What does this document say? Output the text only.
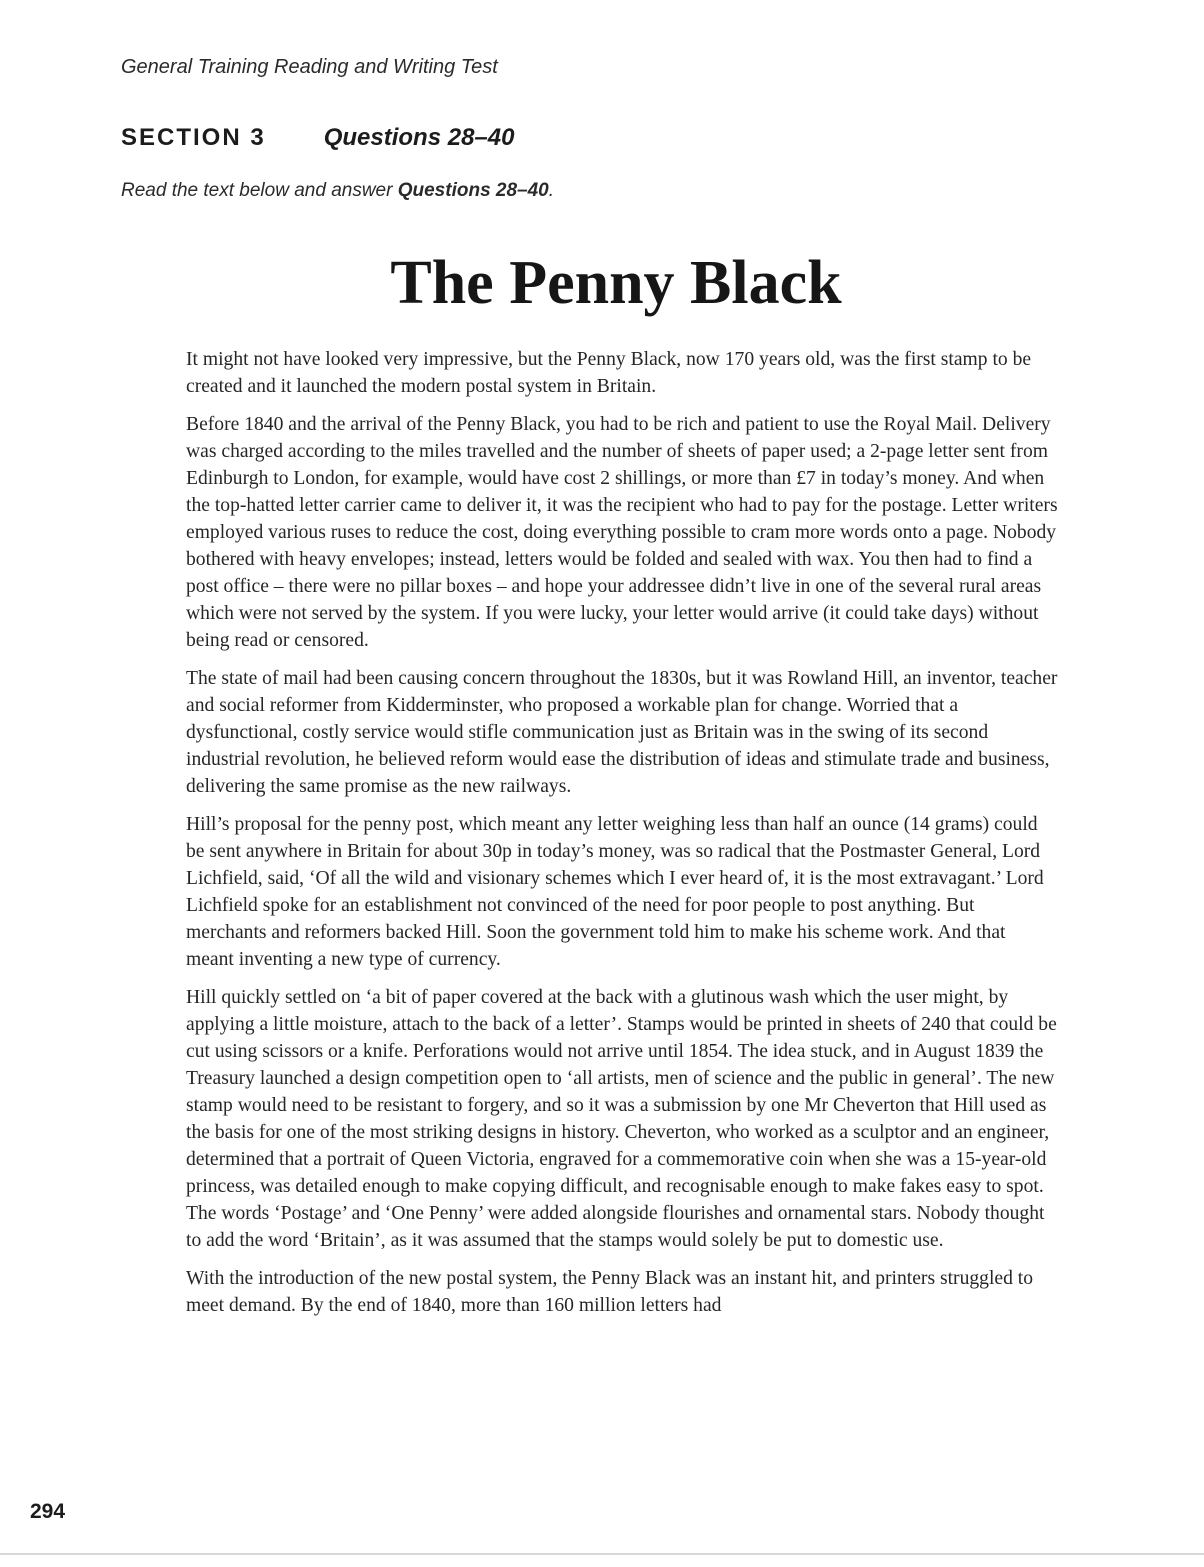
General Training Reading and Writing Test
SECTION 3 Questions 28–40
Read the text below and answer Questions 28–40.
The Penny Black

It might not have looked very impressive, but the Penny Black, now 170 years old, was the first stamp to be created and it launched the modern postal system in Britain.

Before 1840 and the arrival of the Penny Black, you had to be rich and patient to use the Royal Mail. Delivery was charged according to the miles travelled and the number of sheets of paper used; a 2-page letter sent from Edinburgh to London, for example, would have cost 2 shillings, or more than £7 in today’s money. And when the top-hatted letter carrier came to deliver it, it was the recipient who had to pay for the postage. Letter writers employed various ruses to reduce the cost, doing everything possible to cram more words onto a page. Nobody bothered with heavy envelopes; instead, letters would be folded and sealed with wax. You then had to find a post office – there were no pillar boxes – and hope your addressee didn’t live in one of the several rural areas which were not served by the system. If you were lucky, your letter would arrive (it could take days) without being read or censored.

The state of mail had been causing concern throughout the 1830s, but it was Rowland Hill, an inventor, teacher and social reformer from Kidderminster, who proposed a workable plan for change. Worried that a dysfunctional, costly service would stifle communication just as Britain was in the swing of its second industrial revolution, he believed reform would ease the distribution of ideas and stimulate trade and business, delivering the same promise as the new railways.

Hill’s proposal for the penny post, which meant any letter weighing less than half an ounce (14 grams) could be sent anywhere in Britain for about 30p in today’s money, was so radical that the Postmaster General, Lord Lichfield, said, ‘Of all the wild and visionary schemes which I ever heard of, it is the most extravagant.’ Lord Lichfield spoke for an establishment not convinced of the need for poor people to post anything. But merchants and reformers backed Hill. Soon the government told him to make his scheme work. And that meant inventing a new type of currency.

Hill quickly settled on ‘a bit of paper covered at the back with a glutinous wash which the user might, by applying a little moisture, attach to the back of a letter’. Stamps would be printed in sheets of 240 that could be cut using scissors or a knife. Perforations would not arrive until 1854. The idea stuck, and in August 1839 the Treasury launched a design competition open to ‘all artists, men of science and the public in general’. The new stamp would need to be resistant to forgery, and so it was a submission by one Mr Cheverton that Hill used as the basis for one of the most striking designs in history. Cheverton, who worked as a sculptor and an engineer, determined that a portrait of Queen Victoria, engraved for a commemorative coin when she was a 15-year-old princess, was detailed enough to make copying difficult, and recognisable enough to make fakes easy to spot. The words ‘Postage’ and ‘One Penny’ were added alongside flourishes and ornamental stars. Nobody thought to add the word ‘Britain’, as it was assumed that the stamps would solely be put to domestic use.

With the introduction of the new postal system, the Penny Black was an instant hit, and printers struggled to meet demand. By the end of 1840, more than 160 million letters had

294
